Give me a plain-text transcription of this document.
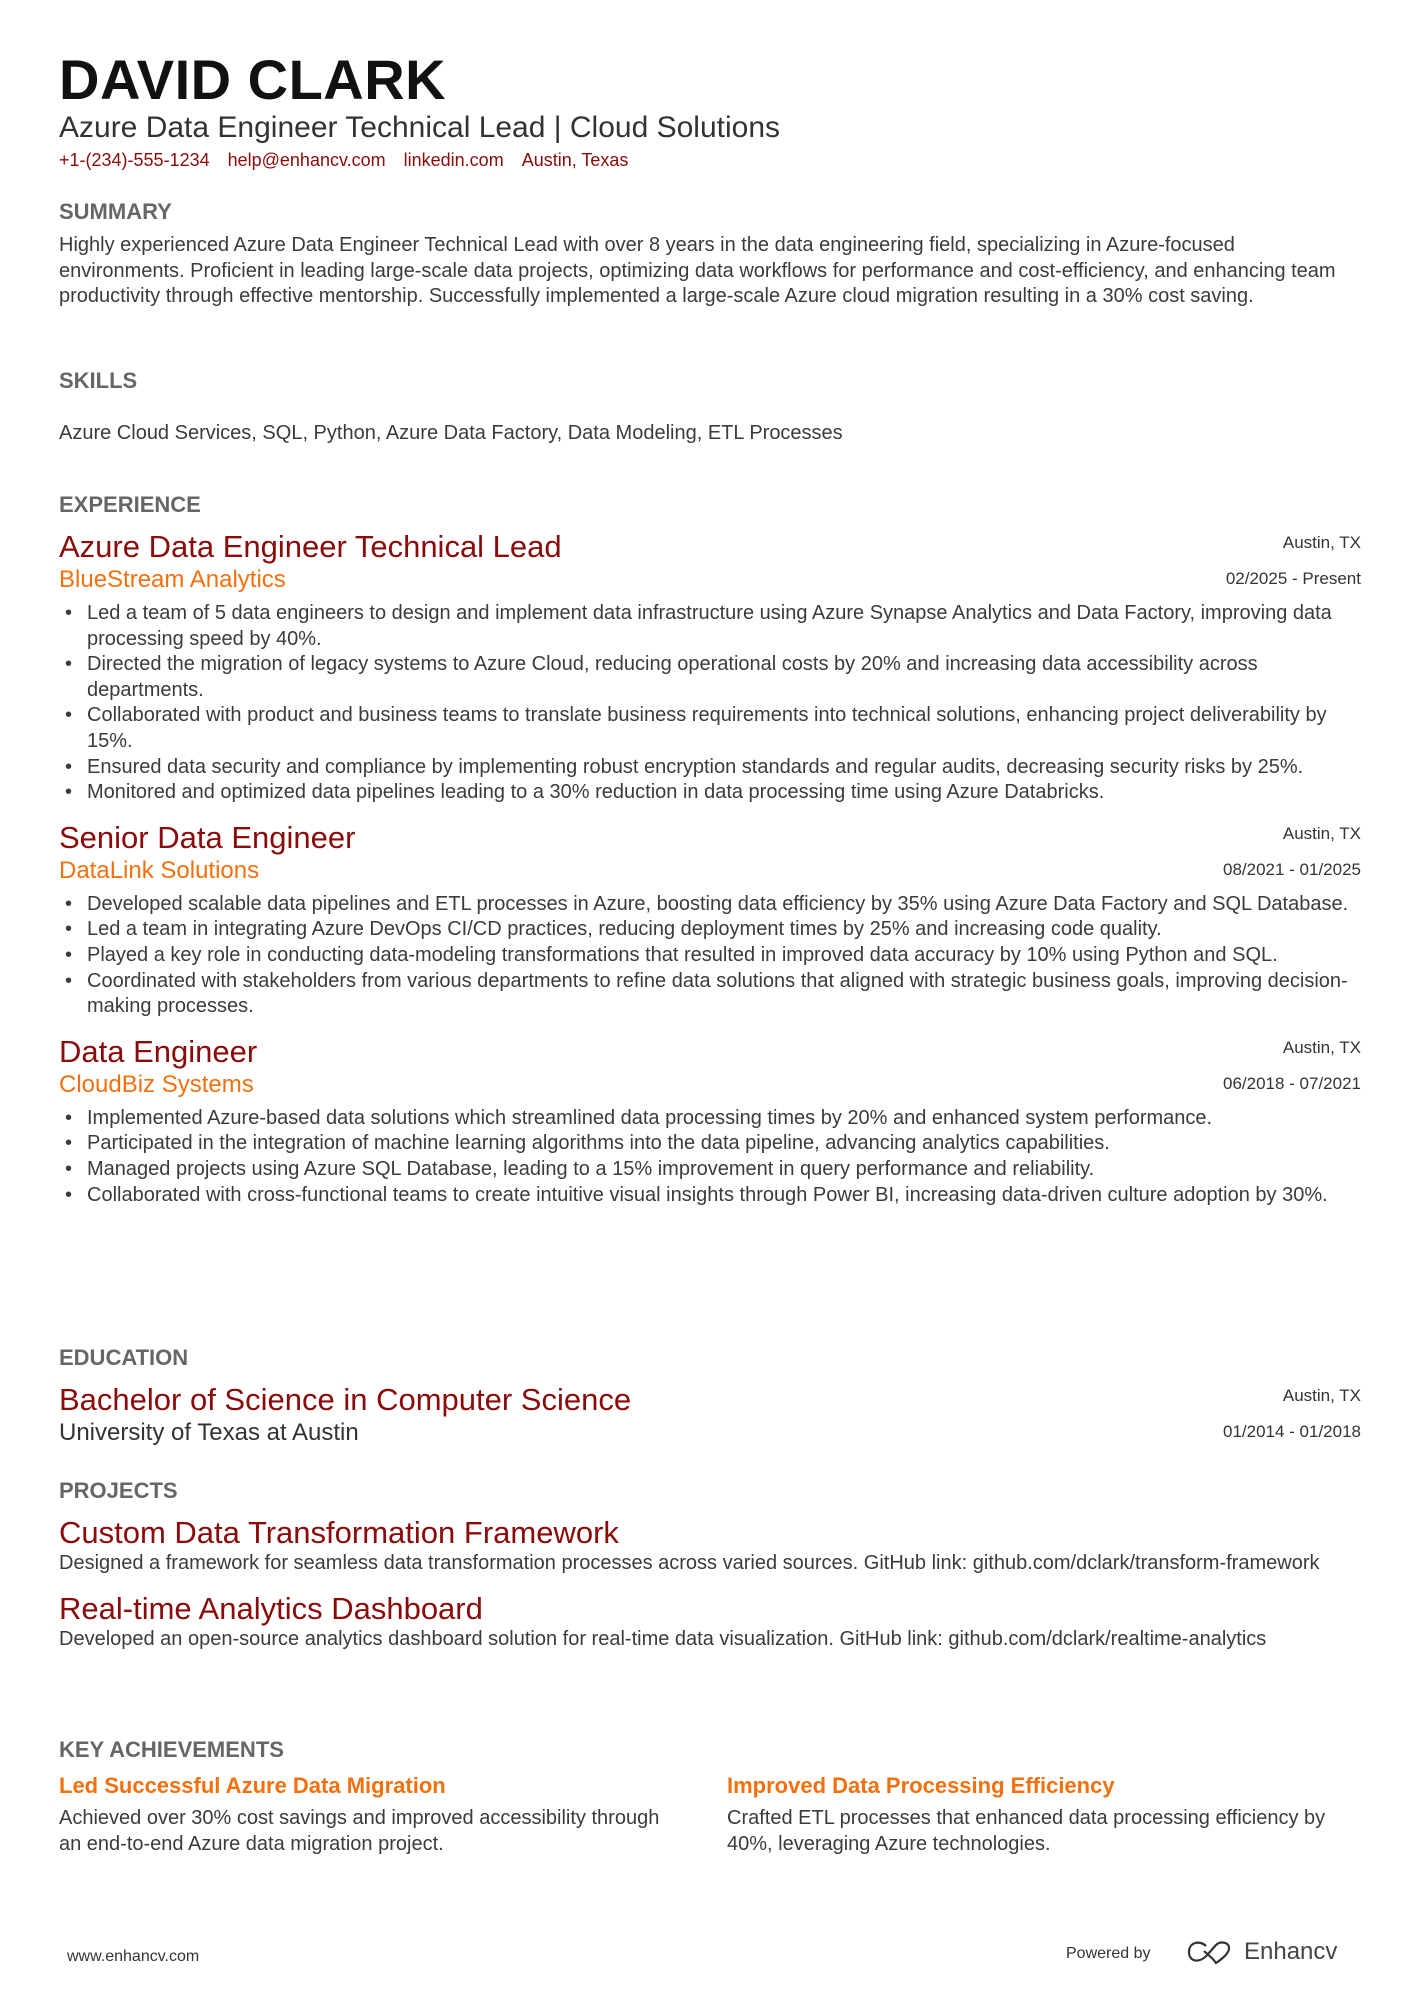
DAVID CLARK
Azure Data Engineer Technical Lead | Cloud Solutions
+1-(234)-555-1234 help@enhancv.com linkedin.com Austin, Texas
SUMMARY
Highly experienced Azure Data Engineer Technical Lead with over 8 years in the data engineering field, specializing in Azure-focused environments. Proficient in leading large-scale data projects, optimizing data workflows for performance and cost-efficiency, and enhancing team productivity through effective mentorship. Successfully implemented a large-scale Azure cloud migration resulting in a 30% cost saving.
SKILLS
Azure Cloud Services, SQL, Python, Azure Data Factory, Data Modeling, ETL Processes
EXPERIENCE
Azure Data Engineer Technical Lead
BlueStream Analytics
Austin, TX
02/2025 - Present
• Led a team of 5 data engineers to design and implement data infrastructure using Azure Synapse Analytics and Data Factory, improving data processing speed by 40%.
• Directed the migration of legacy systems to Azure Cloud, reducing operational costs by 20% and increasing data accessibility across departments.
• Collaborated with product and business teams to translate business requirements into technical solutions, enhancing project deliverability by 15%.
• Ensured data security and compliance by implementing robust encryption standards and regular audits, decreasing security risks by 25%.
• Monitored and optimized data pipelines leading to a 30% reduction in data processing time using Azure Databricks.
Senior Data Engineer
DataLink Solutions
Austin, TX
08/2021 - 01/2025
• Developed scalable data pipelines and ETL processes in Azure, boosting data efficiency by 35% using Azure Data Factory and SQL Database.
• Led a team in integrating Azure DevOps CI/CD practices, reducing deployment times by 25% and increasing code quality.
• Played a key role in conducting data-modeling transformations that resulted in improved data accuracy by 10% using Python and SQL.
• Coordinated with stakeholders from various departments to refine data solutions that aligned with strategic business goals, improving decision-making processes.
Data Engineer
CloudBiz Systems
Austin, TX
06/2018 - 07/2021
• Implemented Azure-based data solutions which streamlined data processing times by 20% and enhanced system performance.
• Participated in the integration of machine learning algorithms into the data pipeline, advancing analytics capabilities.
• Managed projects using Azure SQL Database, leading to a 15% improvement in query performance and reliability.
• Collaborated with cross-functional teams to create intuitive visual insights through Power BI, increasing data-driven culture adoption by 30%.
EDUCATION
Bachelor of Science in Computer Science
University of Texas at Austin
Austin, TX
01/2014 - 01/2018
PROJECTS
Custom Data Transformation Framework
Designed a framework for seamless data transformation processes across varied sources. GitHub link: github.com/dclark/transform-framework
Real-time Analytics Dashboard
Developed an open-source analytics dashboard solution for real-time data visualization. GitHub link: github.com/dclark/realtime-analytics
KEY ACHIEVEMENTS
Led Successful Azure Data Migration
Achieved over 30% cost savings and improved accessibility through an end-to-end Azure data migration project.
Improved Data Processing Efficiency
Crafted ETL processes that enhanced data processing efficiency by 40%, leveraging Azure technologies.
www.enhancv.com	Powered by	Enhancv
